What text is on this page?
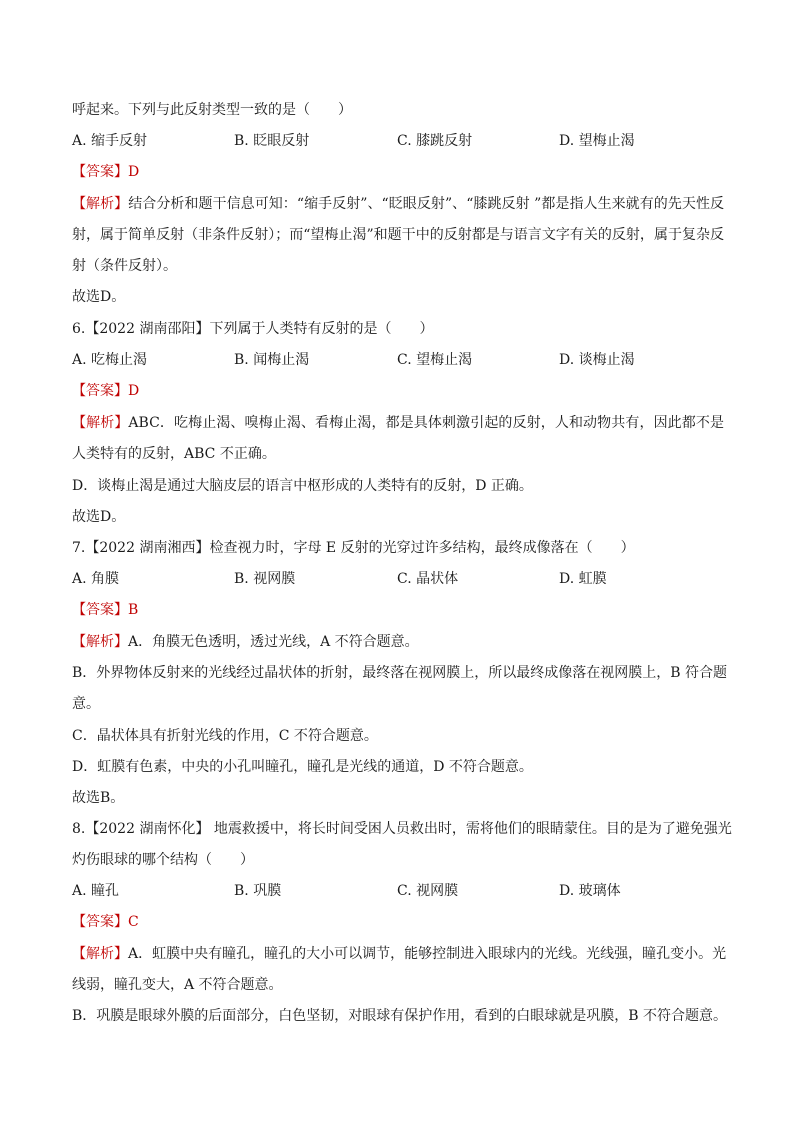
呼起来。下列与此反射类型一致的是（　　）
A. 缩手反射	B. 眨眼反射	C. 膝跳反射	D. 望梅止渴
【答案】D
【解析】结合分析和题干信息可知：“缩手反射”、“眨眼反射”、“膝跳反射 ”都是指人生来就有的先天性反
射，属于简单反射（非条件反射）；而“望梅止渴”和题干中的反射都是与语言文字有关的反射，属于复杂反
射（条件反射）。
故选D。
6.【2022 湖南邵阳】下列属于人类特有反射的是（　　）
A. 吃梅止渴	B. 闻梅止渴	C. 望梅止渴	D. 谈梅止渴
【答案】D
【解析】ABC．吃梅止渴、嗅梅止渴、看梅止渴，都是具体刺激引起的反射，人和动物共有，因此都不是
人类特有的反射，ABC 不正确。
D．谈梅止渴是通过大脑皮层的语言中枢形成的人类特有的反射，D 正确。
故选D。
7.【2022 湖南湘西】检查视力时，字母 E 反射的光穿过许多结构，最终成像落在（　　）
A. 角膜	B. 视网膜	C. 晶状体	D. 虹膜
【答案】B
【解析】A．角膜无色透明，透过光线，A 不符合题意。
B．外界物体反射来的光线经过晶状体的折射，最终落在视网膜上，所以最终成像落在视网膜上，B 符合题
意。
C．晶状体具有折射光线的作用，C 不符合题意。
D．虹膜有色素，中央的小孔叫瞳孔，瞳孔是光线的通道，D 不符合题意。
故选B。
8.【2022 湖南怀化】 地震救援中，将长时间受困人员救出时，需将他们的眼睛蒙住。目的是为了避免强光
灼伤眼球的哪个结构（　　）
A. 瞳孔	B. 巩膜	C. 视网膜	D. 玻璃体
【答案】C
【解析】A．虹膜中央有瞳孔，瞳孔的大小可以调节，能够控制进入眼球内的光线。光线强，瞳孔变小。光
线弱，瞳孔变大，A 不符合题意。
B．巩膜是眼球外膜的后面部分，白色坚韧，对眼球有保护作用，看到的白眼球就是巩膜，B 不符合题意。
